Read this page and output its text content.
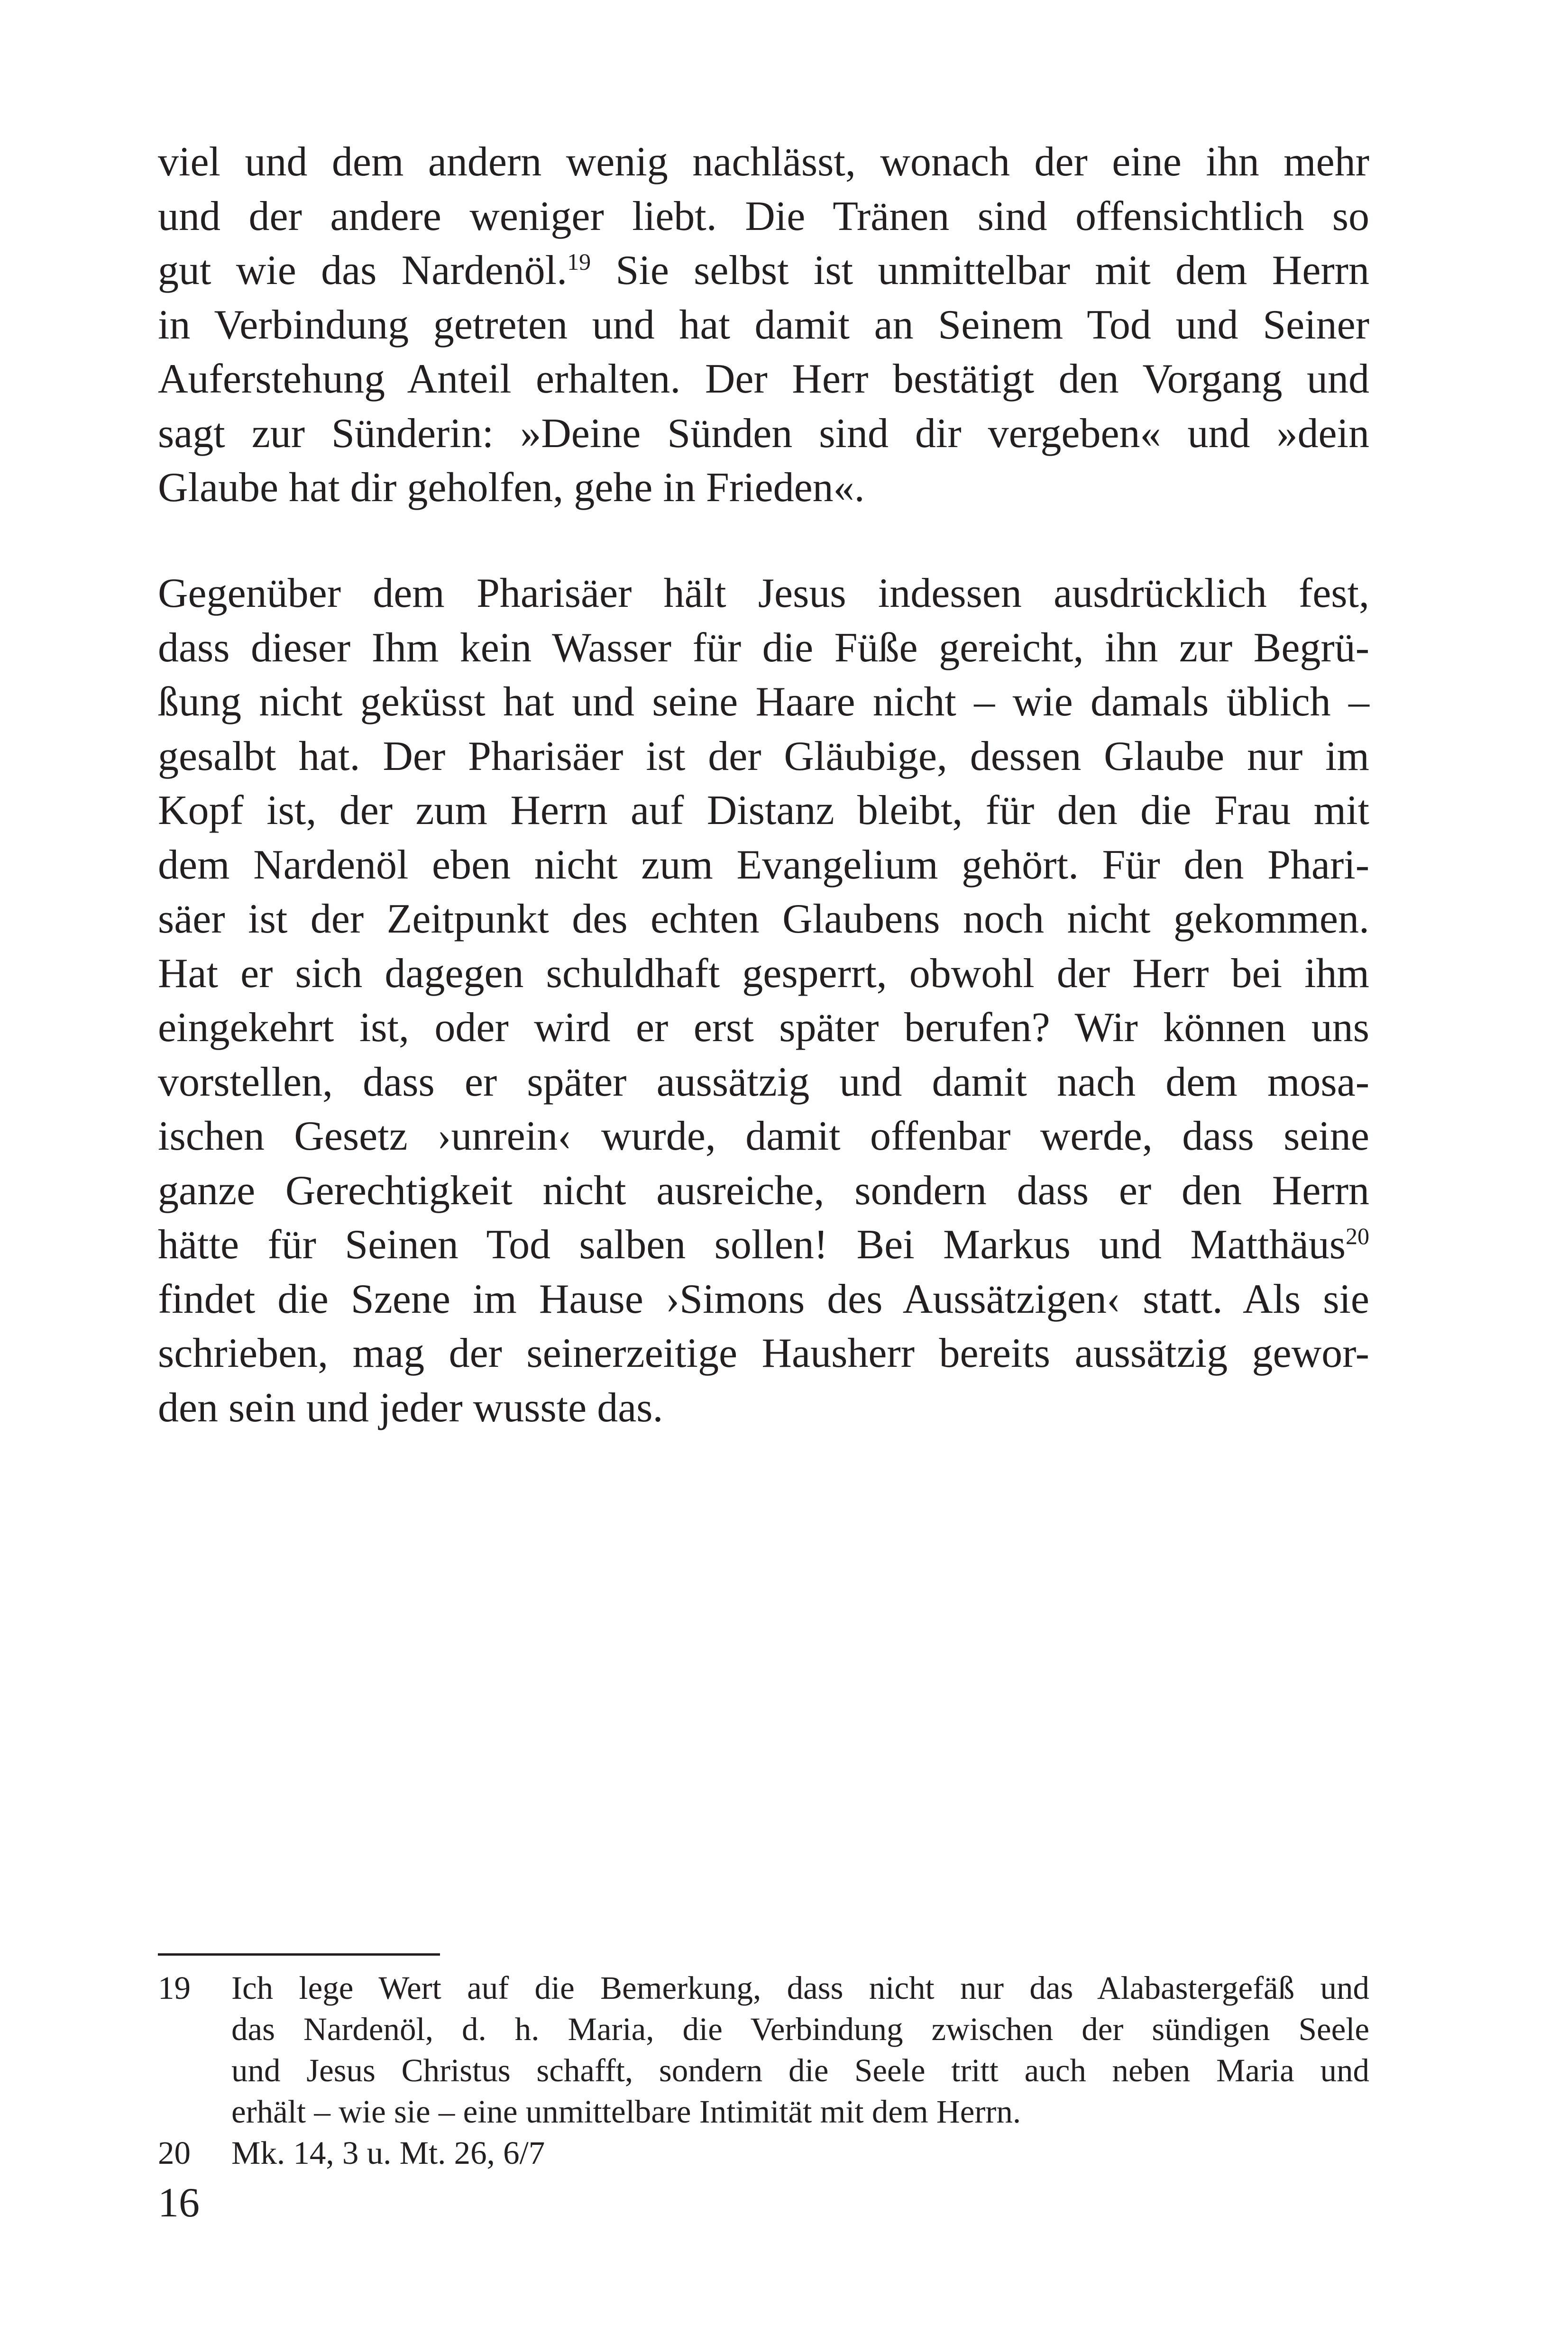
viel und dem andern wenig nachlässt, wonach der eine ihn mehr
und der andere weniger liebt. Die Tränen sind offensichtlich so
gut wie das Nardenöl.$^{19}$ Sie selbst ist unmittelbar mit dem Herrn
in Verbindung getreten und hat damit an Seinem Tod und Seiner
Auferstehung Anteil erhalten. Der Herr bestätigt den Vorgang und
sagt zur Sünderin: »Deine Sünden sind dir vergeben« und »dein
Glaube hat dir geholfen, gehe in Frieden«.
Gegenüber dem Pharisäer hält Jesus indessen ausdrücklich fest,
dass dieser Ihm kein Wasser für die Füße gereicht, ihn zur Begrü-
ßung nicht geküsst hat und seine Haare nicht – wie damals üblich –
gesalbt hat. Der Pharisäer ist der Gläubige, dessen Glaube nur im
Kopf ist, der zum Herrn auf Distanz bleibt, für den die Frau mit
dem Nardenöl eben nicht zum Evangelium gehört. Für den Phari-
säer ist der Zeitpunkt des echten Glaubens noch nicht gekommen.
Hat er sich dagegen schuldhaft gesperrt, obwohl der Herr bei ihm
eingekehrt ist, oder wird er erst später berufen? Wir können uns
vorstellen, dass er später aussätzig und damit nach dem mosa-
ischen Gesetz ›unrein‹ wurde, damit offenbar werde, dass seine
ganze Gerechtigkeit nicht ausreiche, sondern dass er den Herrn
hätte für Seinen Tod salben sollen! Bei Markus und Matthäus$^{20}$
findet die Szene im Hause ›Simons des Aussätzigen‹ statt. Als sie
schrieben, mag der seinerzeitige Hausherr bereits aussätzig gewor-
den sein und jeder wusste das.
19 Ich lege Wert auf die Bemerkung, dass nicht nur das Alabastergefäß und
das Nardenöl, d. h. Maria, die Verbindung zwischen der sündigen Seele
und Jesus Christus schafft, sondern die Seele tritt auch neben Maria und
erhält – wie sie – eine unmittelbare Intimität mit dem Herrn.
20 Mk. 14, 3 u. Mt. 26, 6/7
16
